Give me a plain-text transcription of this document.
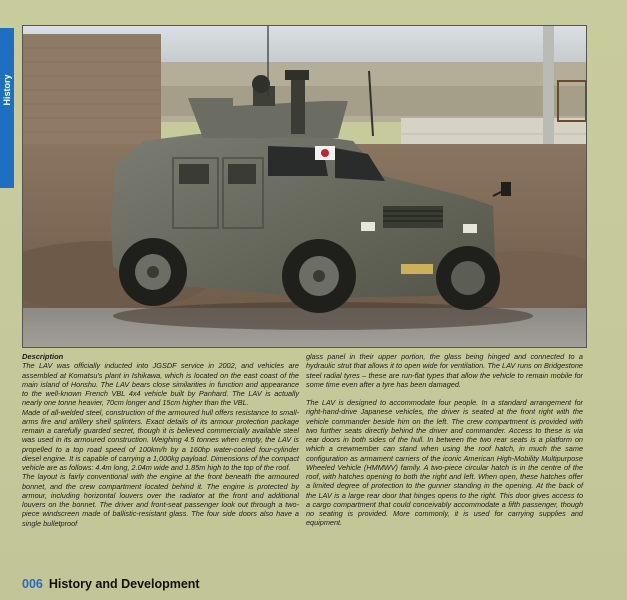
History

Description

The LAV was officially inducted into JGSDF service in 2002, and vehicles are assembled at Komatsu's plant in Ishikawa, which is located on the east coast of the main island of Honshu. The LAV bears close similarities in function and appearance to the well-known French VBL 4x4 vehicle built by Panhard. The LAV is actually nearly one tonne heavier, 70cm longer and 15cm higher than the VBL.

Made of all-welded steel, construction of the armoured hull offers resistance to small-arms fire and artillery shell splinters. Exact details of its armour protection package remain a carefully guarded secret, though it is believed commercially available steel was used in its armoured construction. Weighing 4.5 tonnes when empty, the LAV is propelled to a top road speed of 100km/h by a 160hp water-cooled four-cylinder diesel engine. It is capable of carrying a 1,000kg payload. Dimensions of the compact vehicle are as follows: 4.4m long, 2.04m wide and 1.85m high to the top of the roof.

The layout is fairly conventional with the engine at the front beneath the armoured bonnet, and the crew compartment located behind it. The engine is protected by armour, including horizontal louvers over the radiator at the front and additional louvers on the bonnet. The driver and front-seat passenger look out through a two-piece windscreen made of ballistic-resistant glass. The four side doors also have a single bulletproof

glass panel in their upper portion, the glass being hinged and connected to a hydraulic strut that allows it to open wide for ventilation. The LAV runs on Bridgestone steel radial tyres – these are run-flat types that allow the vehicle to remain mobile for some time even after a tyre has been damaged.

The LAV is designed to accommodate four people. In a standard arrangement for right-hand-drive Japanese vehicles, the driver is seated at the front right with the vehicle commander beside him on the left. The crew compartment is provided with two further seats directly behind the driver and commander. Access to these is via rear doors in both sides of the hull. In between the two rear seats is a platform on which a crewmember can stand when using the roof hatch, in much the same configuration as armament carriers of the iconic American High-Mobility Multipurpose Wheeled Vehicle (HMMWV) family. A two-piece circular hatch is in the centre of the roof, with hatches opening to both the right and left. When open, these hatches offer a limited degree of protection to the gunner standing in the opening. At the back of the LAV is a large rear door that hinges opens to the right. This door gives access to a cargo compartment that could conceivably accommodate a fifth passenger, though no seating is provided. More commonly, it is used for carrying supplies and equipment.

006 History and Development
